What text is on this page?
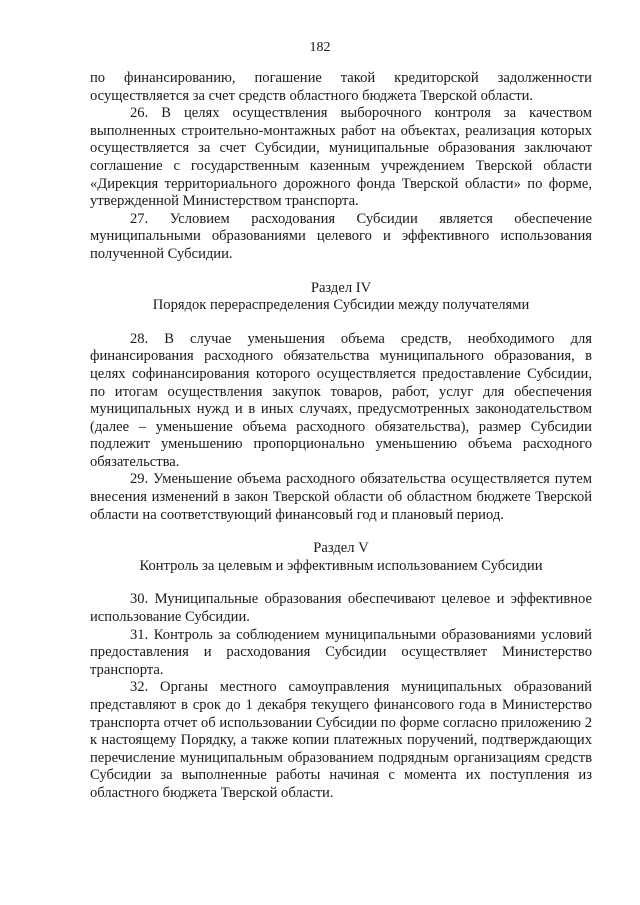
182

по финансированию, погашение такой кредиторской задолженности осуществляется за счет средств областного бюджета Тверской области.

26. В целях осуществления выборочного контроля за качеством выполненных строительно-монтажных работ на объектах, реализация которых осуществляется за счет Субсидии, муниципальные образования заключают соглашение с государственным казенным учреждением Тверской области «Дирекция территориального дорожного фонда Тверской области» по форме, утвержденной Министерством транспорта.

27. Условием расходования Субсидии является обеспечение муниципальными образованиями целевого и эффективного использования полученной Субсидии.

Раздел IV

Порядок перераспределения Субсидии между получателями

28. В случае уменьшения объема средств, необходимого для финансирования расходного обязательства муниципального образования, в целях софинансирования которого осуществляется предоставление Субсидии, по итогам осуществления закупок товаров, работ, услуг для обеспечения муниципальных нужд и в иных случаях, предусмотренных законодательством (далее – уменьшение объема расходного обязательства), размер Субсидии подлежит уменьшению пропорционально уменьшению объема расходного обязательства.

29. Уменьшение объема расходного обязательства осуществляется путем внесения изменений в закон Тверской области об областном бюджете Тверской области на соответствующий финансовый год и плановый период.

Раздел V

Контроль за целевым и эффективным использованием Субсидии

30. Муниципальные образования обеспечивают целевое и эффективное использование Субсидии.

31. Контроль за соблюдением муниципальными образованиями условий предоставления и расходования Субсидии осуществляет Министерство транспорта.

32. Органы местного самоуправления муниципальных образований представляют в срок до 1 декабря текущего финансового года в Министерство транспорта отчет об использовании Субсидии по форме согласно приложению 2 к настоящему Порядку, а также копии платежных поручений, подтверждающих перечисление муниципальным образованием подрядным организациям средств Субсидии за выполненные работы начиная с момента их поступления из областного бюджета Тверской области.
